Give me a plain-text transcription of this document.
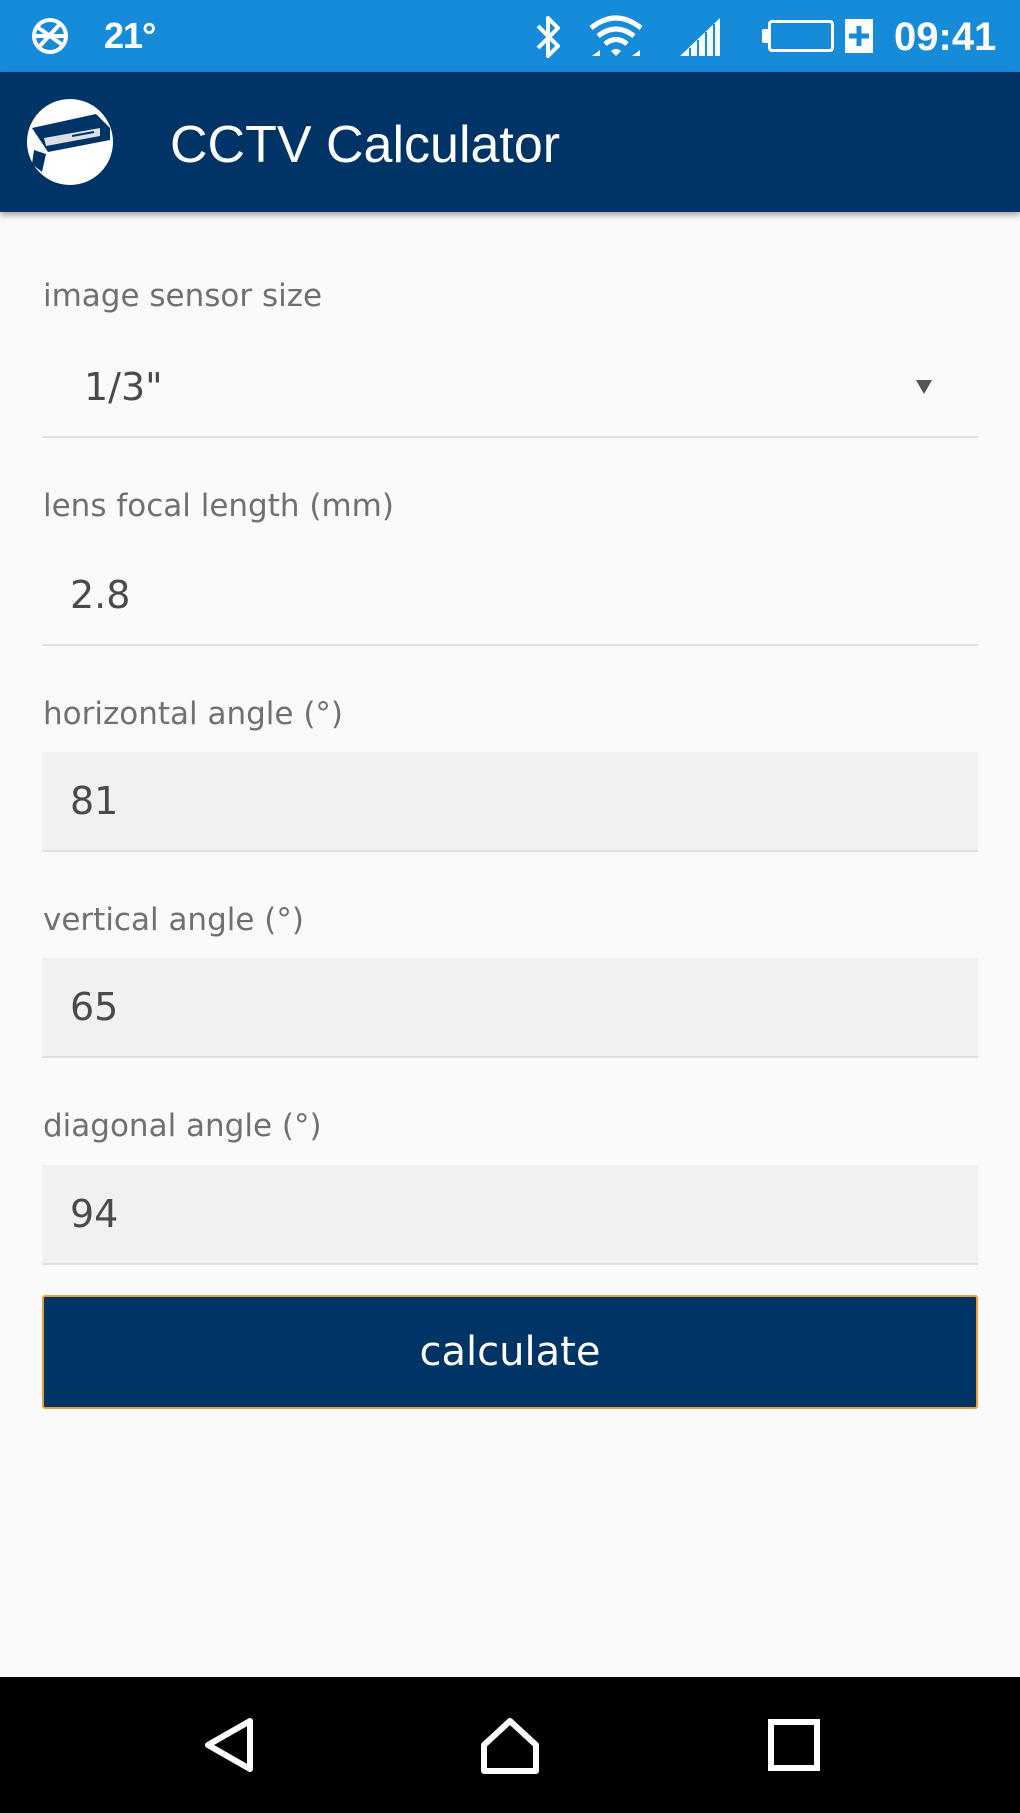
21°	67% 09:41
CCTV Calculator
image sensor size
1/3"
lens focal length (mm)
2.8
horizontal angle (°)
81
vertical angle (°)
65
diagonal angle (°)
94
calculate
